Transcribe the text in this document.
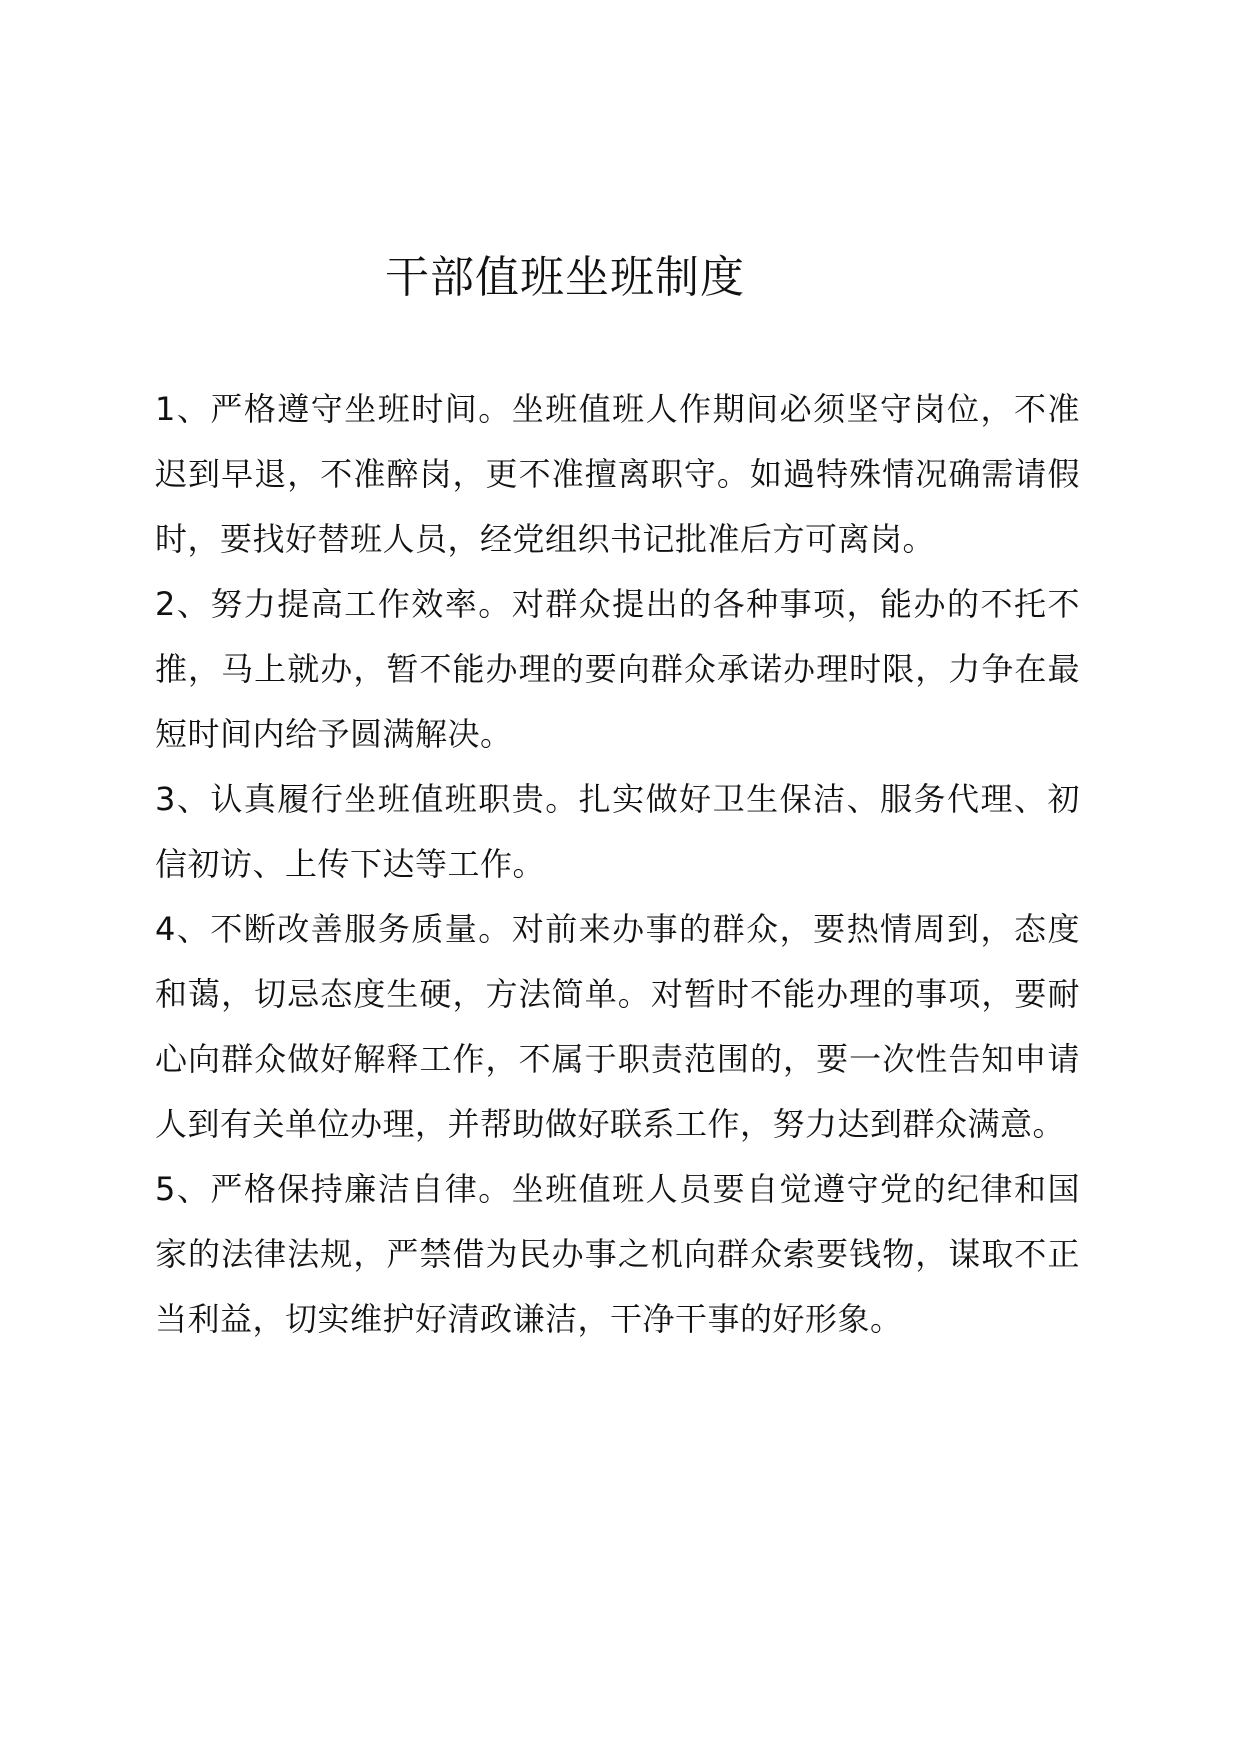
干部值班坐班制度

1、严格遵守坐班时间。坐班值班人作期间必须坚守岗位，不准迟到早退，不准醉岗，更不准擅离职守。如過特殊情况确需请假时，要找好替班人员，经党组织书记批准后方可离岗。

2、努力提高工作效率。对群众提出的各种事项，能办的不托不推，马上就办，暂不能办理的要向群众承诺办理时限，力争在最短时间内给予圆满解决。

3、认真履行坐班值班职贵。扎实做好卫生保洁、服务代理、初信初访、上传下达等工作。

4、不断改善服务质量。对前来办事的群众，要热情周到，态度和蔼，切忌态度生硬，方法简单。对暂时不能办理的事项，要耐心向群众做好解释工作，不属于职责范围的，要一次性告知申请人到有关单位办理，并帮助做好联系工作，努力达到群众满意。

5、严格保持廉洁自律。坐班值班人员要自觉遵守党的纪律和国家的法律法规，严禁借为民办事之机向群众索要钱物，谋取不正当利益，切实维护好清政谦洁，干净干事的好形象。
